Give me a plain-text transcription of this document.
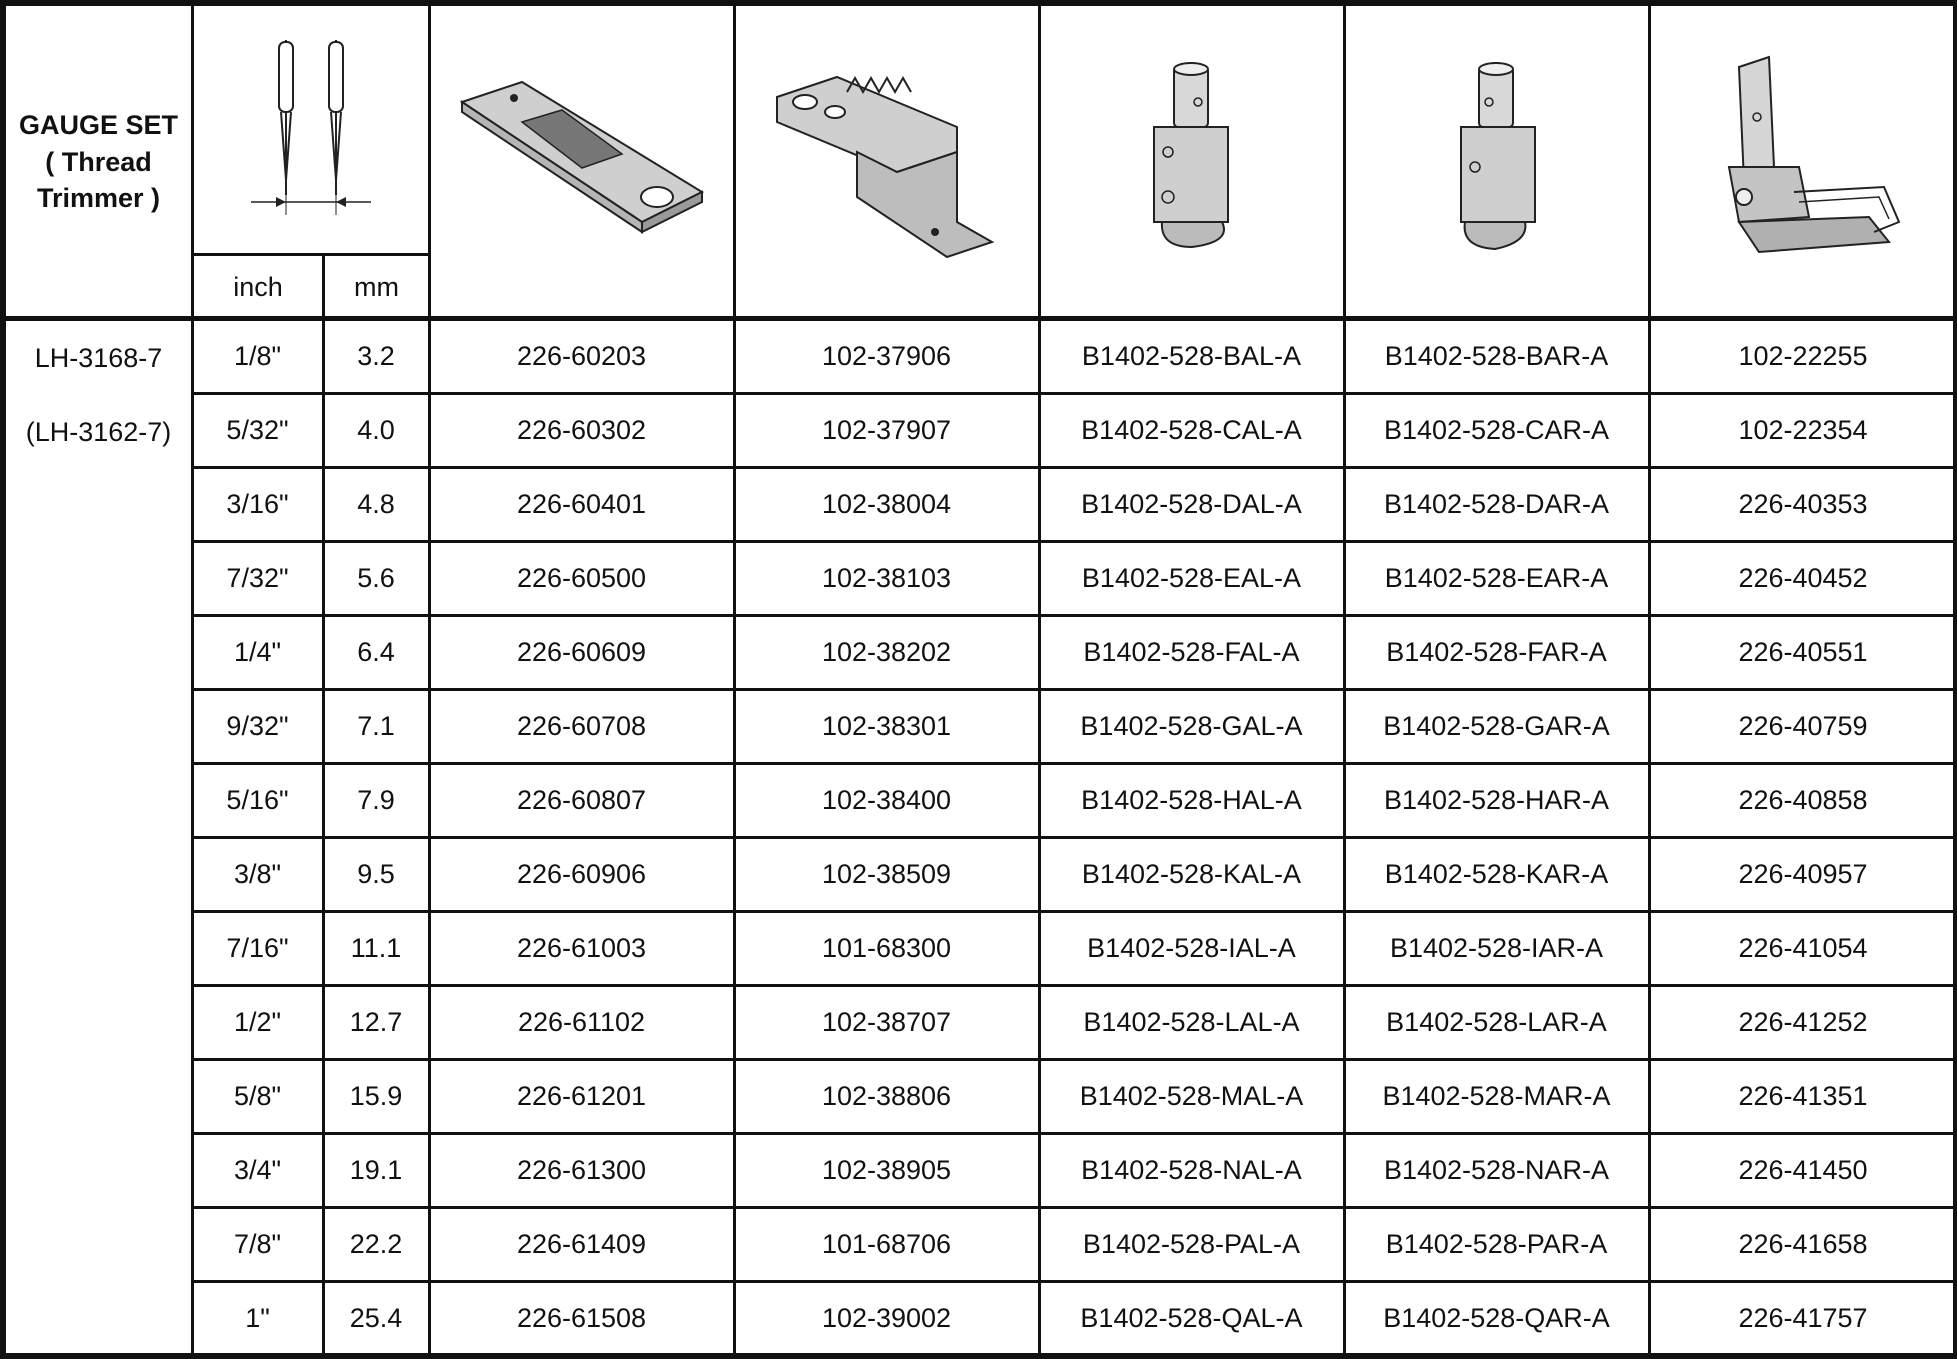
GAUGE SET
( Thread
Trimmer )
inch	mm
LH-3168-7
(LH-3162-7)
1/8"	3.2	226-60203	102-37906	B1402-528-BAL-A	B1402-528-BAR-A	102-22255
5/32"	4.0	226-60302	102-37907	B1402-528-CAL-A	B1402-528-CAR-A	102-22354
3/16"	4.8	226-60401	102-38004	B1402-528-DAL-A	B1402-528-DAR-A	226-40353
7/32"	5.6	226-60500	102-38103	B1402-528-EAL-A	B1402-528-EAR-A	226-40452
1/4"	6.4	226-60609	102-38202	B1402-528-FAL-A	B1402-528-FAR-A	226-40551
9/32"	7.1	226-60708	102-38301	B1402-528-GAL-A	B1402-528-GAR-A	226-40759
5/16"	7.9	226-60807	102-38400	B1402-528-HAL-A	B1402-528-HAR-A	226-40858
3/8"	9.5	226-60906	102-38509	B1402-528-KAL-A	B1402-528-KAR-A	226-40957
7/16"	11.1	226-61003	101-68300	B1402-528-IAL-A	B1402-528-IAR-A	226-41054
1/2"	12.7	226-61102	102-38707	B1402-528-LAL-A	B1402-528-LAR-A	226-41252
5/8"	15.9	226-61201	102-38806	B1402-528-MAL-A	B1402-528-MAR-A	226-41351
3/4"	19.1	226-61300	102-38905	B1402-528-NAL-A	B1402-528-NAR-A	226-41450
7/8"	22.2	226-61409	101-68706	B1402-528-PAL-A	B1402-528-PAR-A	226-41658
1"	25.4	226-61508	102-39002	B1402-528-QAL-A	B1402-528-QAR-A	226-41757
